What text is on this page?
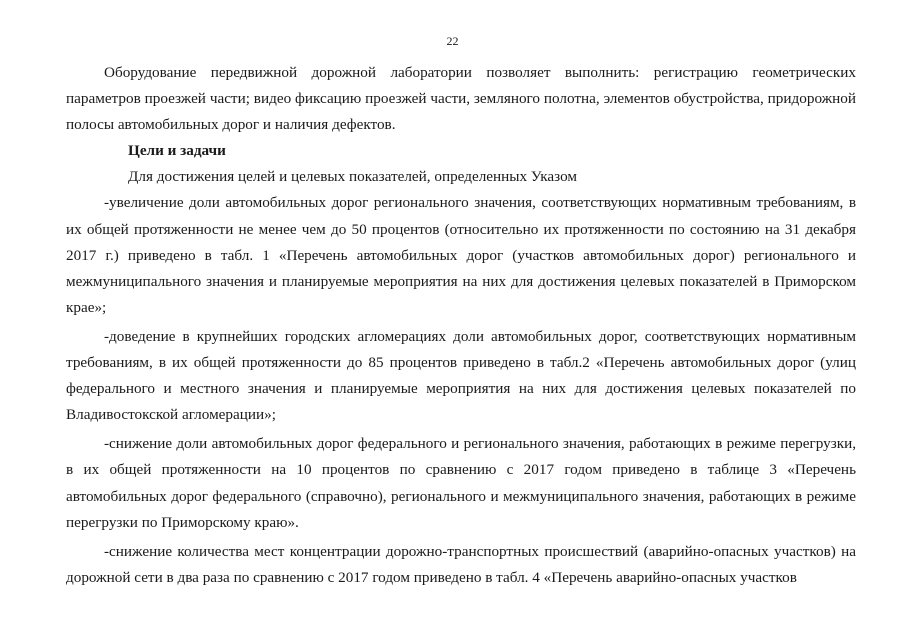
22

Оборудование передвижной дорожной лаборатории позволяет выполнить: регистрацию геометрических параметров проезжей части; видео фиксацию проезжей части, земляного полотна, элементов обустройства, придорожной полосы автомобильных дорог и наличия дефектов.

Цели и задачи

Для достижения целей и целевых показателей, определенных Указом

-увеличение доли автомобильных дорог регионального значения, соответствующих нормативным требованиям, в их общей протяженности не менее чем до 50 процентов (относительно их протяженности по состоянию на 31 декабря 2017 г.) приведено в табл. 1 «Перечень автомобильных дорог (участков автомобильных дорог) регионального и межмуниципального значения и планируемые мероприятия на них для достижения целевых показателей в Приморском крае»;

-доведение в крупнейших городских агломерациях доли автомобильных дорог, соответствующих нормативным требованиям, в их общей протяженности до 85 процентов приведено в табл.2 «Перечень автомобильных дорог (улиц федерального и местного значения и планируемые мероприятия на них для достижения целевых показателей по Владивостокской агломерации»;

-снижение доли автомобильных дорог федерального и регионального значения, работающих в режиме перегрузки, в их общей протяженности на 10 процентов по сравнению с 2017 годом приведено в таблице 3 «Перечень автомобильных дорог федерального (справочно), регионального и межмуниципального значения, работающих в режиме перегрузки по Приморскому краю».

-снижение количества мест концентрации дорожно-транспортных происшествий (аварийно-опасных участков) на дорожной сети в два раза по сравнению с 2017 годом приведено в табл. 4 «Перечень аварийно-опасных участков
